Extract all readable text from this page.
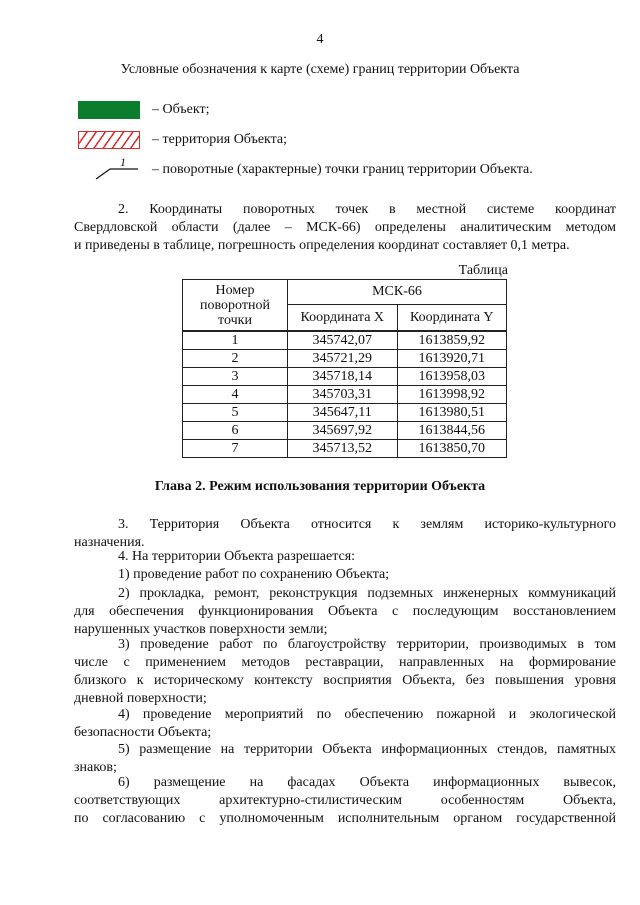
4
Условные обозначения к карте (схеме) границ территории Объекта
– Объект;
– территория Объекта;
1 – поворотные (характерные) точки границ территории Объекта.
2. Координаты поворотных точек в местной системе координат
Свердловской области (далее – МСК-66) определены аналитическим методом
и приведены в таблице, погрешность определения координат составляет 0,1 метра.
Таблица
Номер
поворотной
точки	МСК-66	
	Координата X	Координата Y
1	345742,07	1613859,92
2	345721,29	1613920,71
3	345718,14	1613958,03
4	345703,31	1613998,92
5	345647,11	1613980,51
6	345697,92	1613844,56
7	345713,52	1613850,70
Глава 2. Режим использования территории Объекта
3. Территория Объекта относится к землям историко-культурного
назначения.
4. На территории Объекта разрешается:
1) проведение работ по сохранению Объекта;
2) прокладка, ремонт, реконструкция подземных инженерных коммуникаций
для обеспечения функционирования Объекта с последующим восстановлением
нарушенных участков поверхности земли;
3) проведение работ по благоустройству территории, производимых в том
числе с применением методов реставрации, направленных на формирование
близкого к историческому контексту восприятия Объекта, без повышения уровня
дневной поверхности;
4) проведение мероприятий по обеспечению пожарной и экологической
безопасности Объекта;
5) размещение на территории Объекта информационных стендов, памятных
знаков;
6) размещение на фасадах Объекта информационных вывесок,
соответствующих архитектурно-стилистическим особенностям Объекта,
по согласованию с уполномоченным исполнительным органом государственной
